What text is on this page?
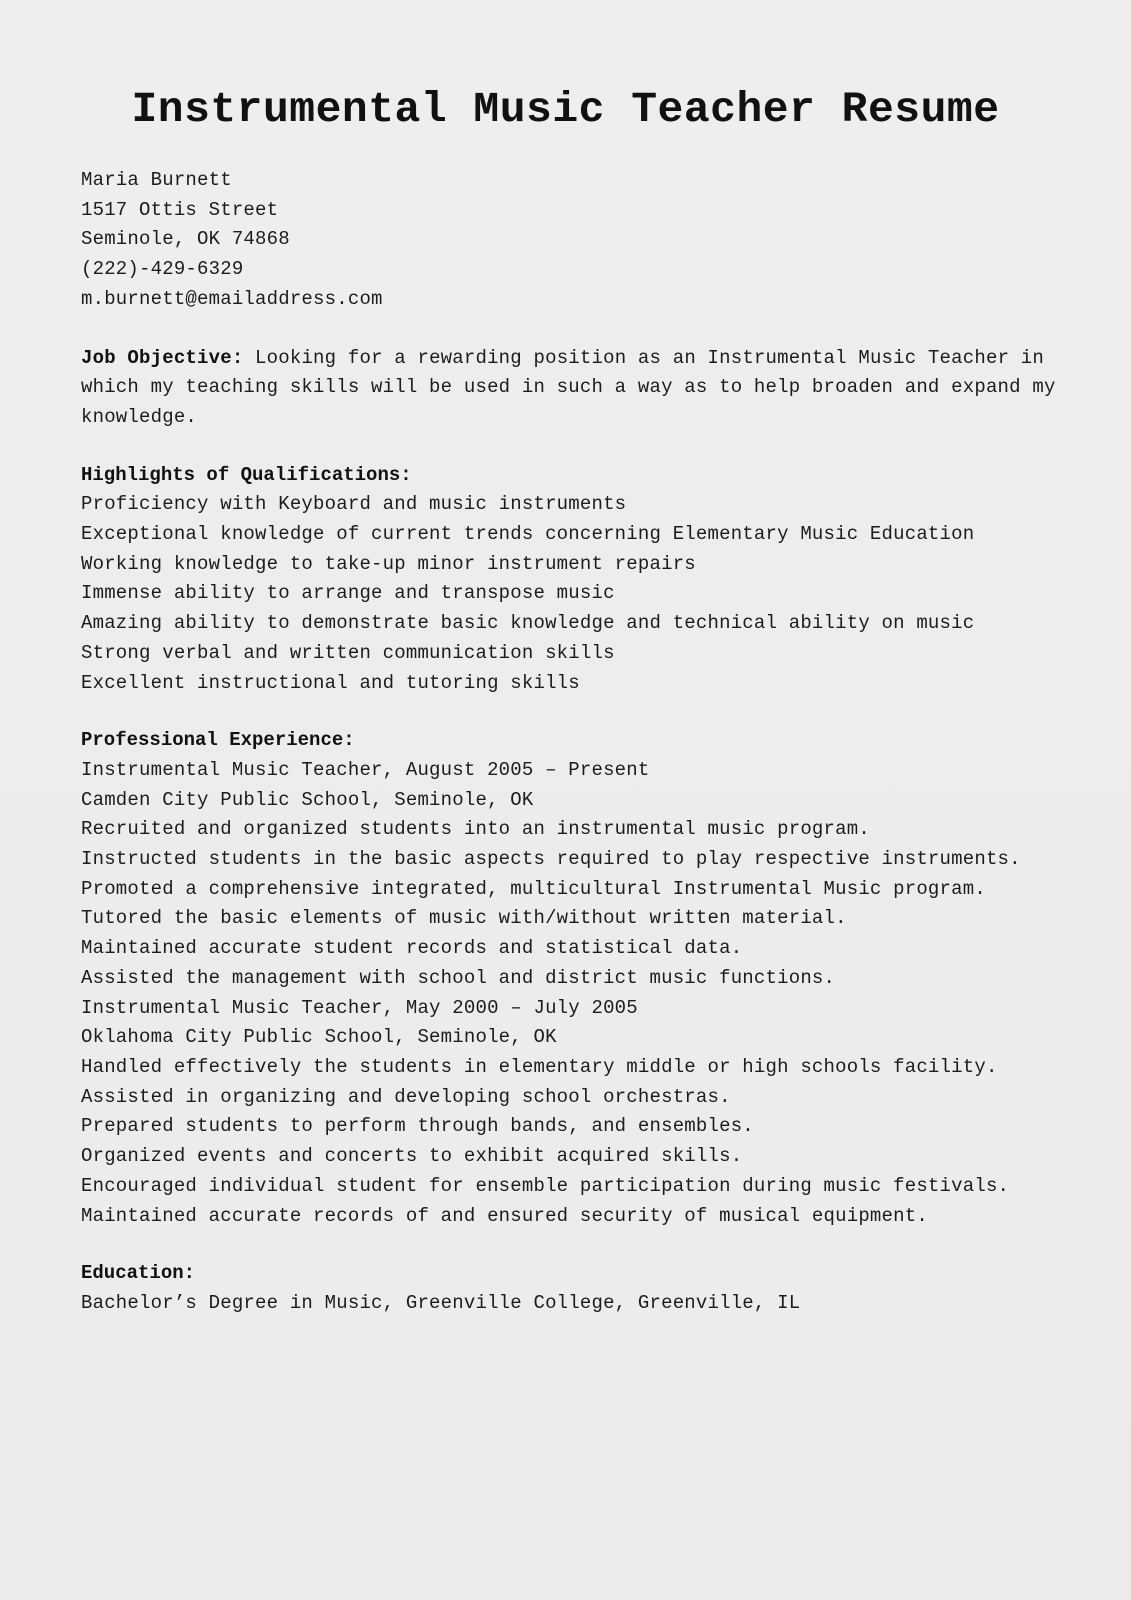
Instrumental Music Teacher Resume
Maria Burnett
1517 Ottis Street
Seminole, OK 74868
(222)-429-6329
m.burnett@emailaddress.com
Job Objective: Looking for a rewarding position as an Instrumental Music Teacher in which my teaching skills will be used in such a way as to help broaden and expand my knowledge.
Highlights of Qualifications:
Proficiency with Keyboard and music instruments
Exceptional knowledge of current trends concerning Elementary Music Education
Working knowledge to take-up minor instrument repairs
Immense ability to arrange and transpose music
Amazing ability to demonstrate basic knowledge and technical ability on music
Strong verbal and written communication skills
Excellent instructional and tutoring skills
Professional Experience:
Instrumental Music Teacher, August 2005 – Present
Camden City Public School, Seminole, OK
Recruited and organized students into an instrumental music program.
Instructed students in the basic aspects required to play respective instruments.
Promoted a comprehensive integrated, multicultural Instrumental Music program.
Tutored the basic elements of music with/without written material.
Maintained accurate student records and statistical data.
Assisted the management with school and district music functions.
Instrumental Music Teacher, May 2000 – July 2005
Oklahoma City Public School, Seminole, OK
Handled effectively the students in elementary middle or high schools facility.
Assisted in organizing and developing school orchestras.
Prepared students to perform through bands, and ensembles.
Organized events and concerts to exhibit acquired skills.
Encouraged individual student for ensemble participation during music festivals.
Maintained accurate records of and ensured security of musical equipment.
Education:
Bachelor’s Degree in Music, Greenville College, Greenville, IL
